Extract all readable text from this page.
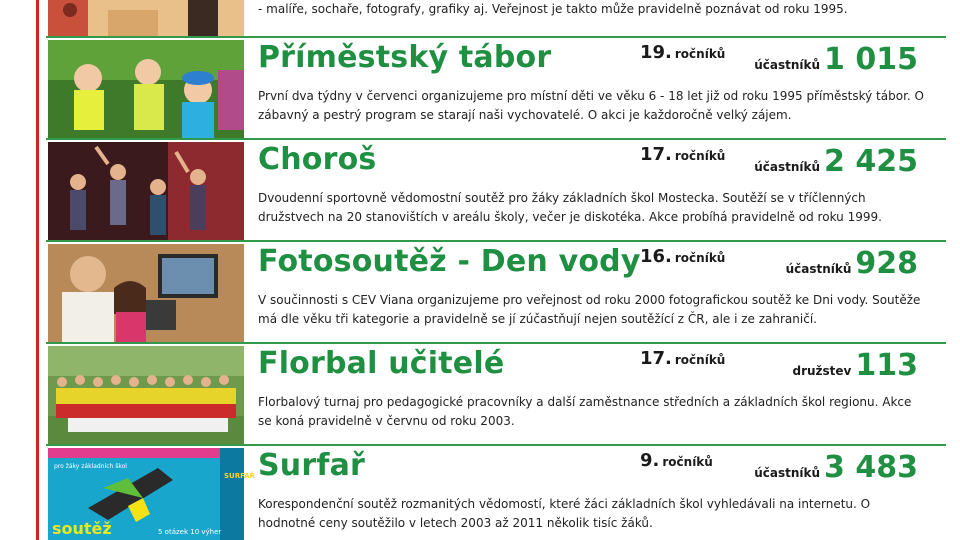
- malíře, sochaře, fotografy, grafiky aj. Veřejnost je takto může pravidelně poznávat od roku 1995.
Příměstský tábor	19. ročníků
účastníků 1 015
První dva týdny v červenci organizujeme pro místní děti ve věku 6 - 18 let již od roku 1995 příměstský tábor. O zábavný a pestrý program se starají naši vychovatelé. O akci je každoročně velký zájem.
Choroš	17. ročníků
účastníků 2 425
Dvoudenní sportovně vědomostní soutěž pro žáky základních škol Mostecka. Soutěží se v tříčlenných družstvech na 20 stanovištích v areálu školy, večer je diskotéka. Akce probíhá pravidelně od roku 1999.
Fotosoutěž - Den vody 16. ročníků
účastníků 928
V součinnosti s CEV Viana organizujeme pro veřejnost od roku 2000 fotografickou soutěž ke Dni vody. Soutěže má dle věku tři kategorie a pravidelně se jí zúčastňují nejen soutěžící z ČR, ale i ze zahraničí.
Florbal učitelé	17. ročníků
družstev 113
Florbalový turnaj pro pedagogické pracovníky a další zaměstnance středních a základních škol regionu. Akce se koná pravidelně v červnu od roku 2003.
soutěž
pro žáky základních škol
5 otázek 10 výher
SURFAŘ Surfař	9. ročníků
účastníků 3 483
Korespondenční soutěž rozmanitých vědomostí, které žáci základních škol vyhledávali na internetu. O hodnotné ceny soutěžilo v letech 2003 až 2011 několik tisíc žáků.
